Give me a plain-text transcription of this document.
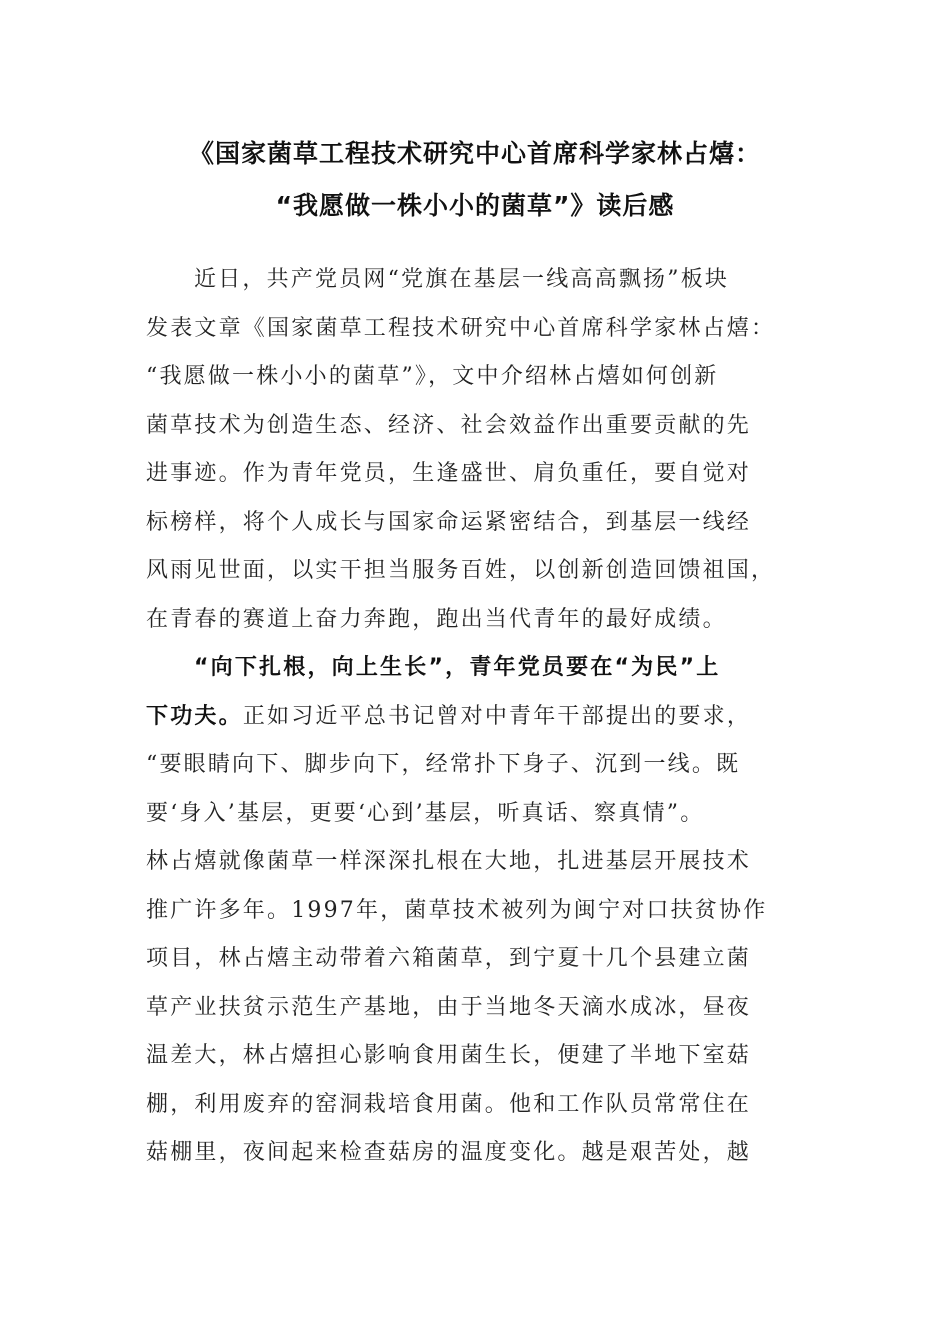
《国家菌草工程技术研究中心首席科学家林占熺：
“我愿做一株小小的菌草”》读后感
近日，共产党员网“党旗在基层一线高高飘扬”板块
发表文章《国家菌草工程技术研究中心首席科学家林占熺：
“我愿做一株小小的菌草”》，文中介绍林占熺如何创新
菌草技术为创造生态、经济、社会效益作出重要贡献的先
进事迹。作为青年党员，生逢盛世、肩负重任，要自觉对
标榜样，将个人成长与国家命运紧密结合，到基层一线经
风雨见世面，以实干担当服务百姓，以创新创造回馈祖国，
在青春的赛道上奋力奔跑，跑出当代青年的最好成绩。
“向下扎根，向上生长”，青年党员要在“为民”上
下功夫。正如习近平总书记曾对中青年干部提出的要求，
“要眼睛向下、脚步向下，经常扑下身子、沉到一线。既
要‘身入’基层，更要‘心到’基层，听真话、察真情”。
林占熺就像菌草一样深深扎根在大地，扎进基层开展技术
推广许多年。1997年，菌草技术被列为闽宁对口扶贫协作
项目，林占熺主动带着六箱菌草，到宁夏十几个县建立菌
草产业扶贫示范生产基地，由于当地冬天滴水成冰，昼夜
温差大，林占熺担心影响食用菌生长，便建了半地下室菇
棚，利用废弃的窑洞栽培食用菌。他和工作队员常常住在
菇棚里，夜间起来检查菇房的温度变化。越是艰苦处，越
